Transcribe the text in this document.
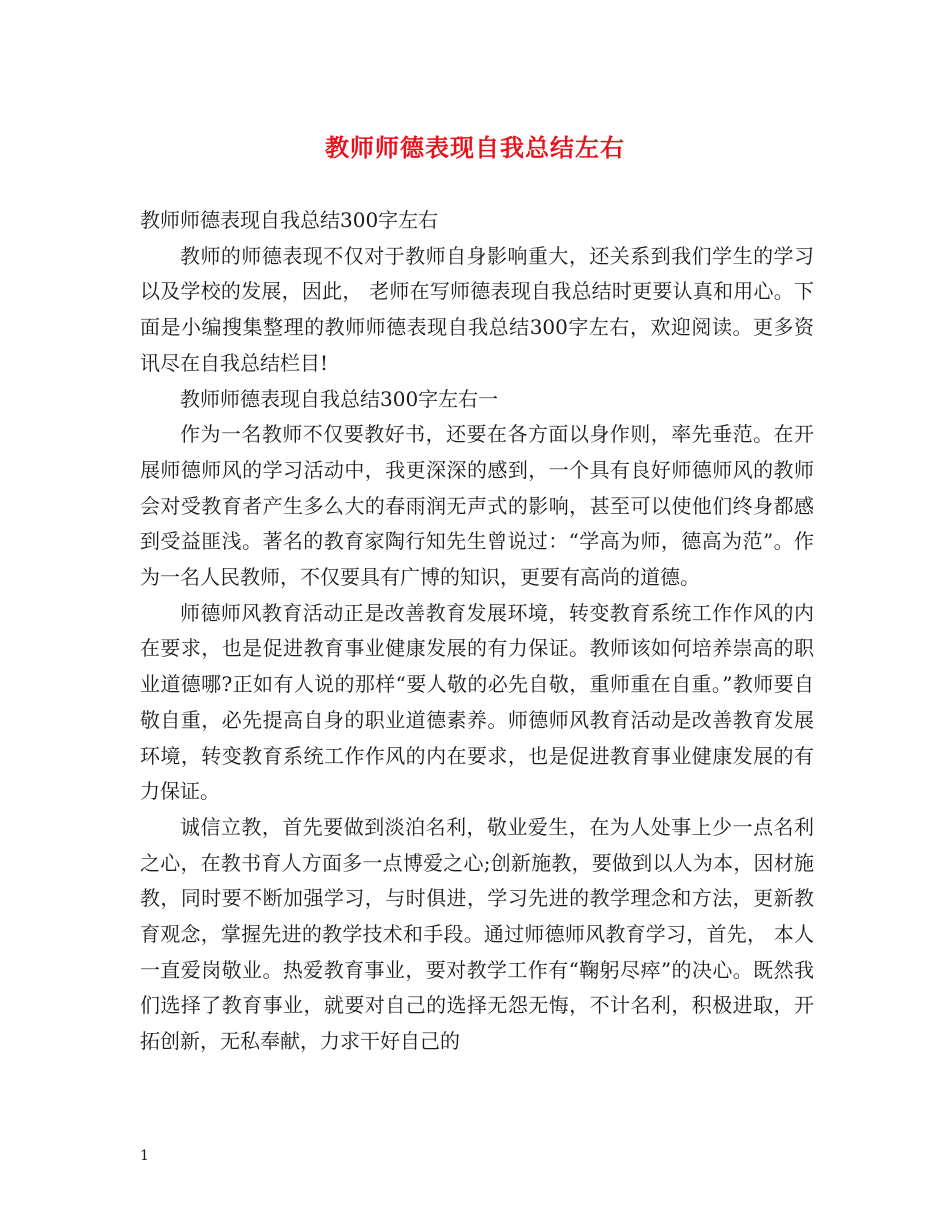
教师师德表现自我总结左右

教师师德表现自我总结300字左右

教师的师德表现不仅对于教师自身影响重大，还关系到我们学生的学习以及学校的发展，因此， 老师在写师德表现自我总结时更要认真和用心。下面是小编搜集整理的教师师德表现自我总结300字左右，欢迎阅读。更多资讯尽在自我总结栏目!

教师师德表现自我总结300字左右一

作为一名教师不仅要教好书，还要在各方面以身作则，率先垂范。在开展师德师风的学习活动中，我更深深的感到，一个具有良好师德师风的教师会对受教育者产生多么大的春雨润无声式的影响，甚至可以使他们终身都感到受益匪浅。著名的教育家陶行知先生曾说过：“学高为师，德高为范”。作为一名人民教师，不仅要具有广博的知识，更要有高尚的道德。

师德师风教育活动正是改善教育发展环境，转变教育系统工作作风的内在要求，也是促进教育事业健康发展的有力保证。教师该如何培养崇高的职业道德哪?正如有人说的那样“要人敬的必先自敬，重师重在自重。”教师要自敬自重，必先提高自身的职业道德素养。师德师风教育活动是改善教育发展环境，转变教育系统工作作风的内在要求，也是促进教育事业健康发展的有力保证。

诚信立教，首先要做到淡泊名利，敬业爱生，在为人处事上少一点名利之心，在教书育人方面多一点博爱之心;创新施教，要做到以人为本，因材施教，同时要不断加强学习，与时俱进，学习先进的教学理念和方法，更新教育观念，掌握先进的教学技术和手段。通过师德师风教育学习，首先， 本人一直爱岗敬业。热爱教育事业，要对教学工作有“鞠躬尽瘁”的决心。既然我们选择了教育事业，就要对自己的选择无怨无悔，不计名利，积极进取，开拓创新，无私奉献，力求干好自己的

1
